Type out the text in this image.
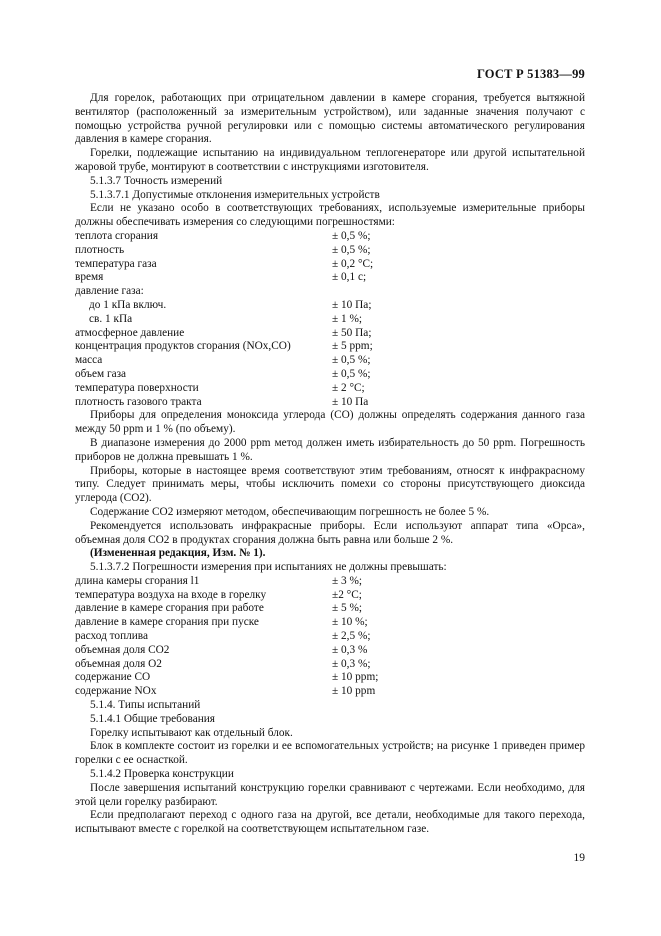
ГОСТ Р 51383—99

Для горелок, работающих при отрицательном давлении в камере сгорания, требуется вытяжной вентилятор (расположенный за измерительным устройством), или заданные значения получают с помощью устройства ручной регулировки или с помощью системы автоматического регулирования давления в камере сгорания.

Горелки, подлежащие испытанию на индивидуальном теплогенераторе или другой испытательной жаровой трубе, монтируют в соответствии с инструкциями изготовителя.

5.1.3.7 Точность измерений
5.1.3.7.1 Допустимые отклонения измерительных устройств

Если не указано особо в соответствующих требованиях, используемые измерительные приборы должны обеспечивать измерения со следующими погрешностями:

теплота сгорания	± 0,5 %;
плотность	± 0,5 %;
температура газа	± 0,2 °С;
время	± 0,1 с;
давление газа:
до 1 кПа включ.	± 10 Па;
св. 1 кПа	± 1 %;
атмосферное давление	± 50 Па;
концентрация продуктов сгорания (NOx,CO)	± 5 ppm;
масса	± 0,5 %;
объем газа	± 0,5 %;
температура поверхности	± 2 °С;
плотность газового тракта	± 10 Па

Приборы для определения моноксида углерода (CO) должны определять содержания данного газа между 50 ppm и 1 % (по объему).

В диапазоне измерения до 2000 ppm метод должен иметь избирательность до 50 ppm. Погрешность приборов не должна превышать 1 %.

Приборы, которые в настоящее время соответствуют этим требованиям, относят к инфракрасному типу. Следует принимать меры, чтобы исключить помехи со стороны присутствующего диоксида углерода (CO2).

Содержание CO2 измеряют методом, обеспечивающим погрешность не более 5 %.

Рекомендуется использовать инфракрасные приборы. Если используют аппарат типа «Орса», объемная доля CO2 в продуктах сгорания должна быть равна или больше 2 %.

(Измененная редакция, Изм. № 1).
5.1.3.7.2 Погрешности измерения при испытаниях не должны превышать:
длина камеры сгорания l1	± 3 %;
температура воздуха на входе в горелку	±2 °С;
давление в камере сгорания при работе	± 5 %;
давление в камере сгорания при пуске	± 10 %;
расход топлива	± 2,5 %;
объемная доля CO2	± 0,3 %
объемная доля O2	± 0,3 %;
содержание CO	± 10 ppm;
содержание NOx	± 10 ppm
5.1.4. Типы испытаний
5.1.4.1 Общие требования

Горелку испытывают как отдельный блок.

Блок в комплекте состоит из горелки и ее вспомогательных устройств; на рисунке 1 приведен пример горелки с ее оснасткой.

5.1.4.2 Проверка конструкции

После завершения испытаний конструкцию горелки сравнивают с чертежами. Если необходимо, для этой цели горелку разбирают.

Если предполагают переход с одного газа на другой, все детали, необходимые для такого перехода, испытывают вместе с горелкой на соответствующем испытательном газе.

19
